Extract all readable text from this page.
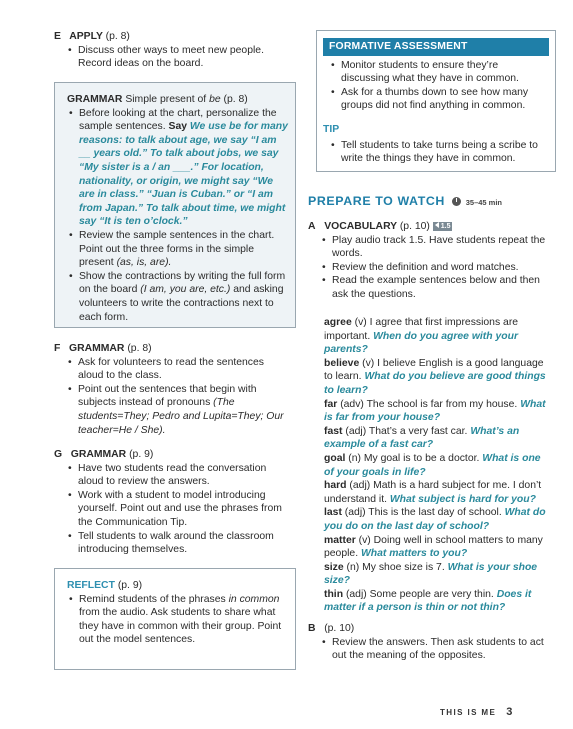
E APPLY (p. 8)
• Discuss other ways to meet new people. Record ideas on the board.
GRAMMAR Simple present of be (p. 8)
• Before looking at the chart, personalize the sample sentences. Say We use be for many reasons: to talk about age, we say “I am __ years old.” To talk about jobs, we say “My sister is a / an ___.” For location, nationality, or origin, we might say “We are in class.” “Juan is Cuban.” or “I am from Japan.” To talk about time, we might say “It is ten o’clock.”
• Review the sample sentences in the chart. Point out the three forms in the simple present (as, is, are).
• Show the contractions by writing the full form on the board (I am, you are, etc.) and asking volunteers to write the contractions next to each form.
F GRAMMAR (p. 8)
• Ask for volunteers to read the sentences aloud to the class.
• Point out the sentences that begin with subjects instead of pronouns (The students=They; Pedro and Lupita=They; Our teacher=He / She).
G GRAMMAR (p. 9)
• Have two students read the conversation aloud to review the answers.
• Work with a student to model introducing yourself. Point out and use the phrases from the Communication Tip.
• Tell students to walk around the classroom introducing themselves.
REFLECT (p. 9)
• Remind students of the phrases in common from the audio. Ask students to share what they have in common with their group. Point out the model sentences.
FORMATIVE ASSESSMENT
• Monitor students to ensure they’re discussing what they have in common.
• Ask for a thumbs down to see how many groups did not find anything in common.
TIP
• Tell students to take turns being a scribe to write the things they have in common.
PREPARE TO WATCH	35–45 min
A VOCABULARY (p. 10) 1.5
• Play audio track 1.5. Have students repeat the words.
• Review the definition and word matches.
• Read the example sentences below and then ask the questions.

agree (v) I agree that first impressions are important. When do you agree with your parents?

believe (v) I believe English is a good language to learn. What do you believe are good things to learn?

far (adv) The school is far from my house. What is far from your house?

fast (adj) That’s a very fast car. What’s an example of a fast car?

goal (n) My goal is to be a doctor. What is one of your goals in life?

hard (adj) Math is a hard subject for me. I don’t understand it. What subject is hard for you?

last (adj) This is the last day of school. What do you do on the last day of school?

matter (v) Doing well in school matters to many people. What matters to you?

size (n) My shoe size is 7. What is your shoe size?

thin (adj) Some people are very thin. Does it matter if a person is thin or not thin?

B (p. 10)
• Review the answers. Then ask students to act out the meaning of the opposites.
THIS IS ME 3
